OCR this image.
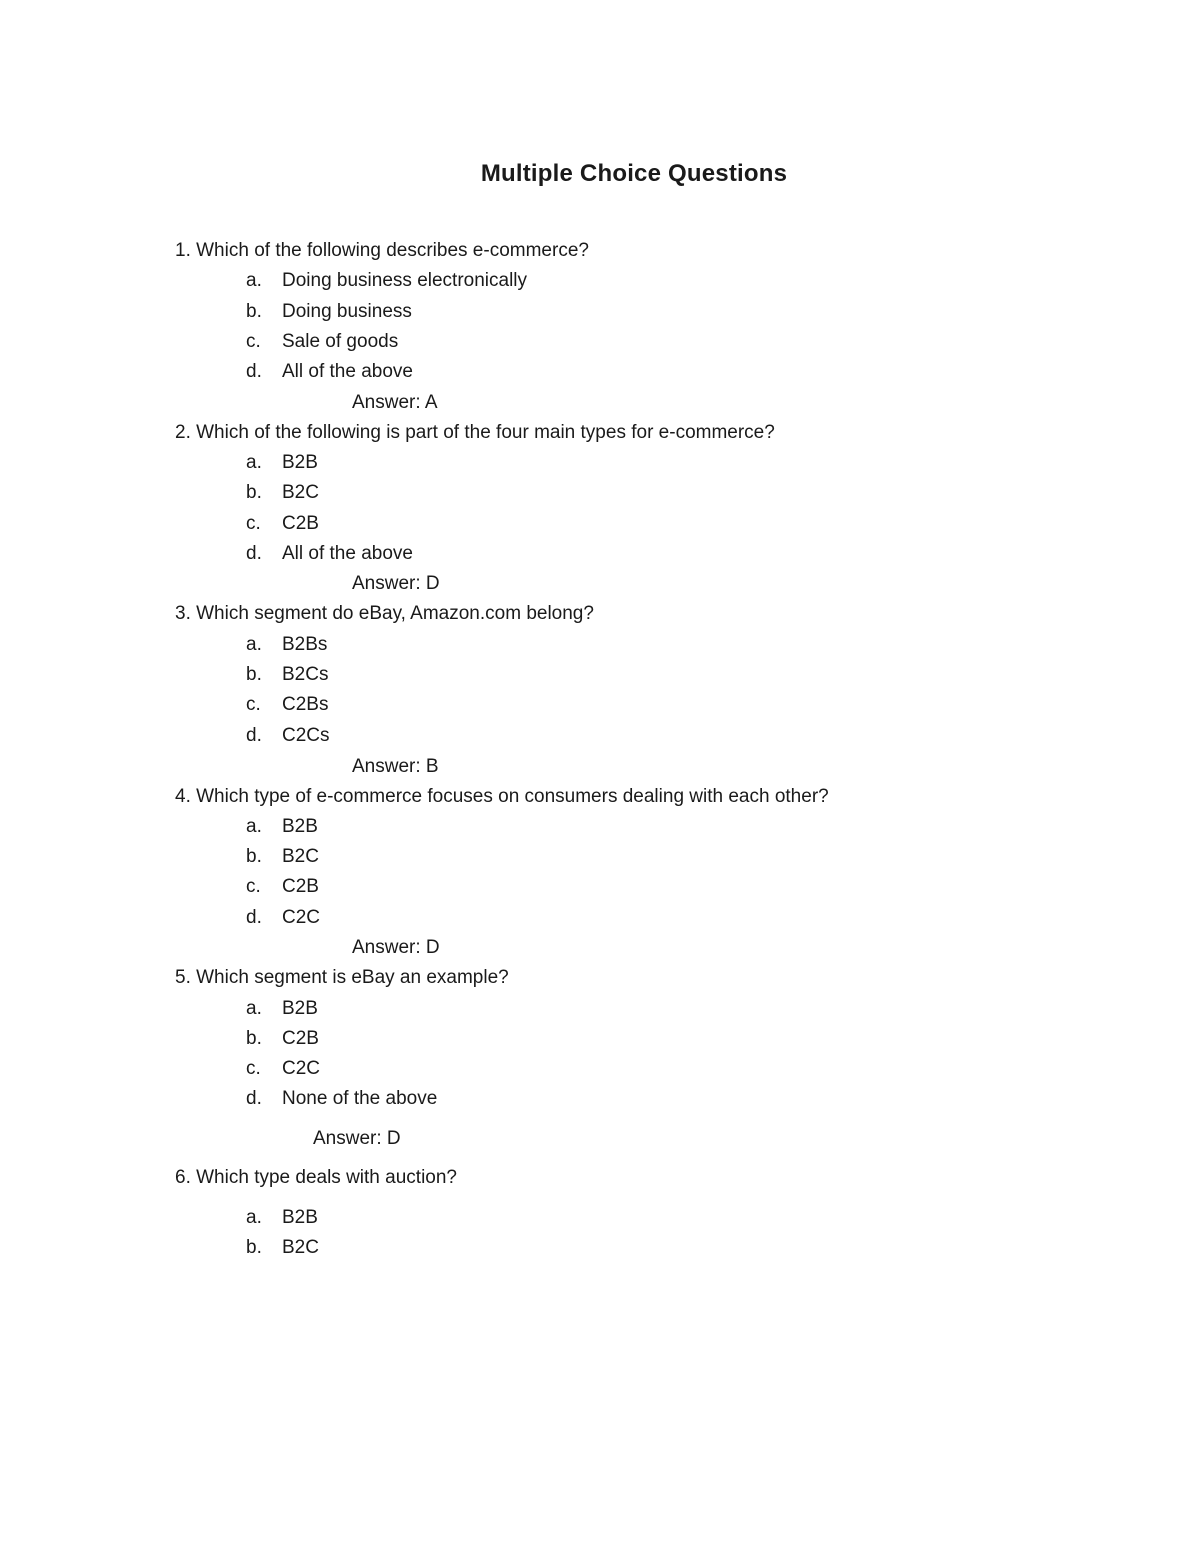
Multiple Choice Questions
1. Which of the following describes e-commerce?
a. Doing business electronically
b. Doing business
c. Sale of goods
d. All of the above
Answer: A
2. Which of the following is part of the four main types for e-commerce?
a. B2B
b. B2C
c. C2B
d. All of the above
Answer: D
3. Which segment do eBay, Amazon.com belong?
a. B2Bs
b. B2Cs
c. C2Bs
d. C2Cs
Answer: B
4. Which type of e-commerce focuses on consumers dealing with each other?
a. B2B
b. B2C
c. C2B
d. C2C
Answer: D
5. Which segment is eBay an example?
a. B2B
b. C2B
c. C2C
d. None of the above
Answer: D
6. Which type deals with auction?
a. B2B
b. B2C
